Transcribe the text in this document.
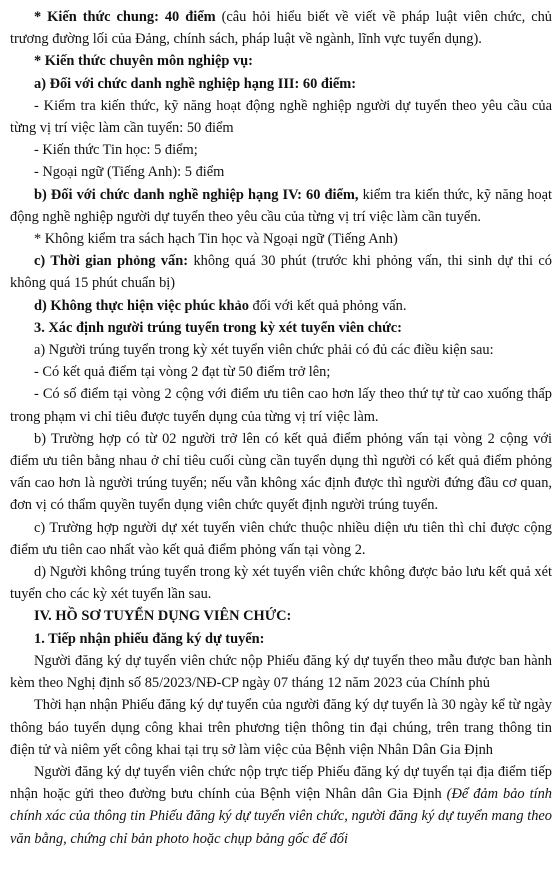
* Kiến thức chung: 40 điểm (câu hỏi hiểu biết về viết về pháp luật viên chức, chủ trương đường lối của Đảng, chính sách, pháp luật về ngành, lĩnh vực tuyển dụng).

* Kiến thức chuyên môn nghiệp vụ:

a) Đối với chức danh nghề nghiệp hạng III: 60 điểm:

- Kiểm tra kiến thức, kỹ năng hoạt động nghề nghiệp người dự tuyển theo yêu cầu của từng vị trí việc làm cần tuyển: 50 điểm

- Kiến thức Tin học: 5 điểm;

- Ngoại ngữ (Tiếng Anh): 5 điểm

b) Đối với chức danh nghề nghiệp hạng IV: 60 điểm, kiểm tra kiến thức, kỹ năng hoạt động nghề nghiệp người dự tuyển theo yêu cầu của từng vị trí việc làm cần tuyển.

* Không kiểm tra sách hạch Tin học và Ngoại ngữ (Tiếng Anh)

c) Thời gian phỏng vấn: không quá 30 phút (trước khi phỏng vấn, thi sinh dự thi có không quá 15 phút chuẩn bị)

d) Không thực hiện việc phúc khảo đối với kết quả phỏng vấn.

3. Xác định người trúng tuyển trong kỳ xét tuyển viên chức:

a) Người trúng tuyển trong kỳ xét tuyển viên chức phải có đủ các điều kiện sau:

- Có kết quả điểm tại vòng 2 đạt từ 50 điểm trở lên;

- Có số điểm tại vòng 2 cộng với điểm ưu tiên cao hơn lấy theo thứ tự từ cao xuống thấp trong phạm vi chỉ tiêu được tuyển dụng của từng vị trí việc làm.

b) Trường hợp có từ 02 người trở lên có kết quả điểm phỏng vấn tại vòng 2 cộng với điểm ưu tiên bằng nhau ở chỉ tiêu cuối cùng cần tuyển dụng thì người có kết quả điểm phỏng vấn cao hơn là người trúng tuyển; nếu vẫn không xác định được thì người đứng đầu cơ quan, đơn vị có thẩm quyền tuyển dụng viên chức quyết định người trúng tuyển.

c) Trường hợp người dự xét tuyển viên chức thuộc nhiều diện ưu tiên thì chỉ được cộng điểm ưu tiên cao nhất vào kết quả điểm phỏng vấn tại vòng 2.

d) Người không trúng tuyển trong kỳ xét tuyển viên chức không được bảo lưu kết quả xét tuyển cho các kỳ xét tuyển lần sau.

IV. HỒ SƠ TUYỂN DỤNG VIÊN CHỨC:

1. Tiếp nhận phiếu đăng ký dự tuyển:

Người đăng ký dự tuyển viên chức nộp Phiếu đăng ký dự tuyển theo mẫu được ban hành kèm theo Nghị định số 85/2023/NĐ-CP ngày 07 tháng 12 năm 2023 của Chính phủ

Thời hạn nhận Phiếu đăng ký dự tuyển của người đăng ký dự tuyển là 30 ngày kể từ ngày thông báo tuyển dụng công khai trên phương tiện thông tin đại chúng, trên trang thông tin điện tử và niêm yết công khai tại trụ sở làm việc của Bệnh viện Nhân Dân Gia Định

Người đăng ký dự tuyển viên chức nộp trực tiếp Phiếu đăng ký dự tuyển tại địa điểm tiếp nhận hoặc gửi theo đường bưu chính của Bệnh viện Nhân dân Gia Định (Để đảm bảo tính chính xác của thông tin Phiếu đăng ký dự tuyển viên chức, người đăng ký dự tuyển mang theo văn bằng, chứng chỉ bản photo hoặc chụp bảng gốc để đối
